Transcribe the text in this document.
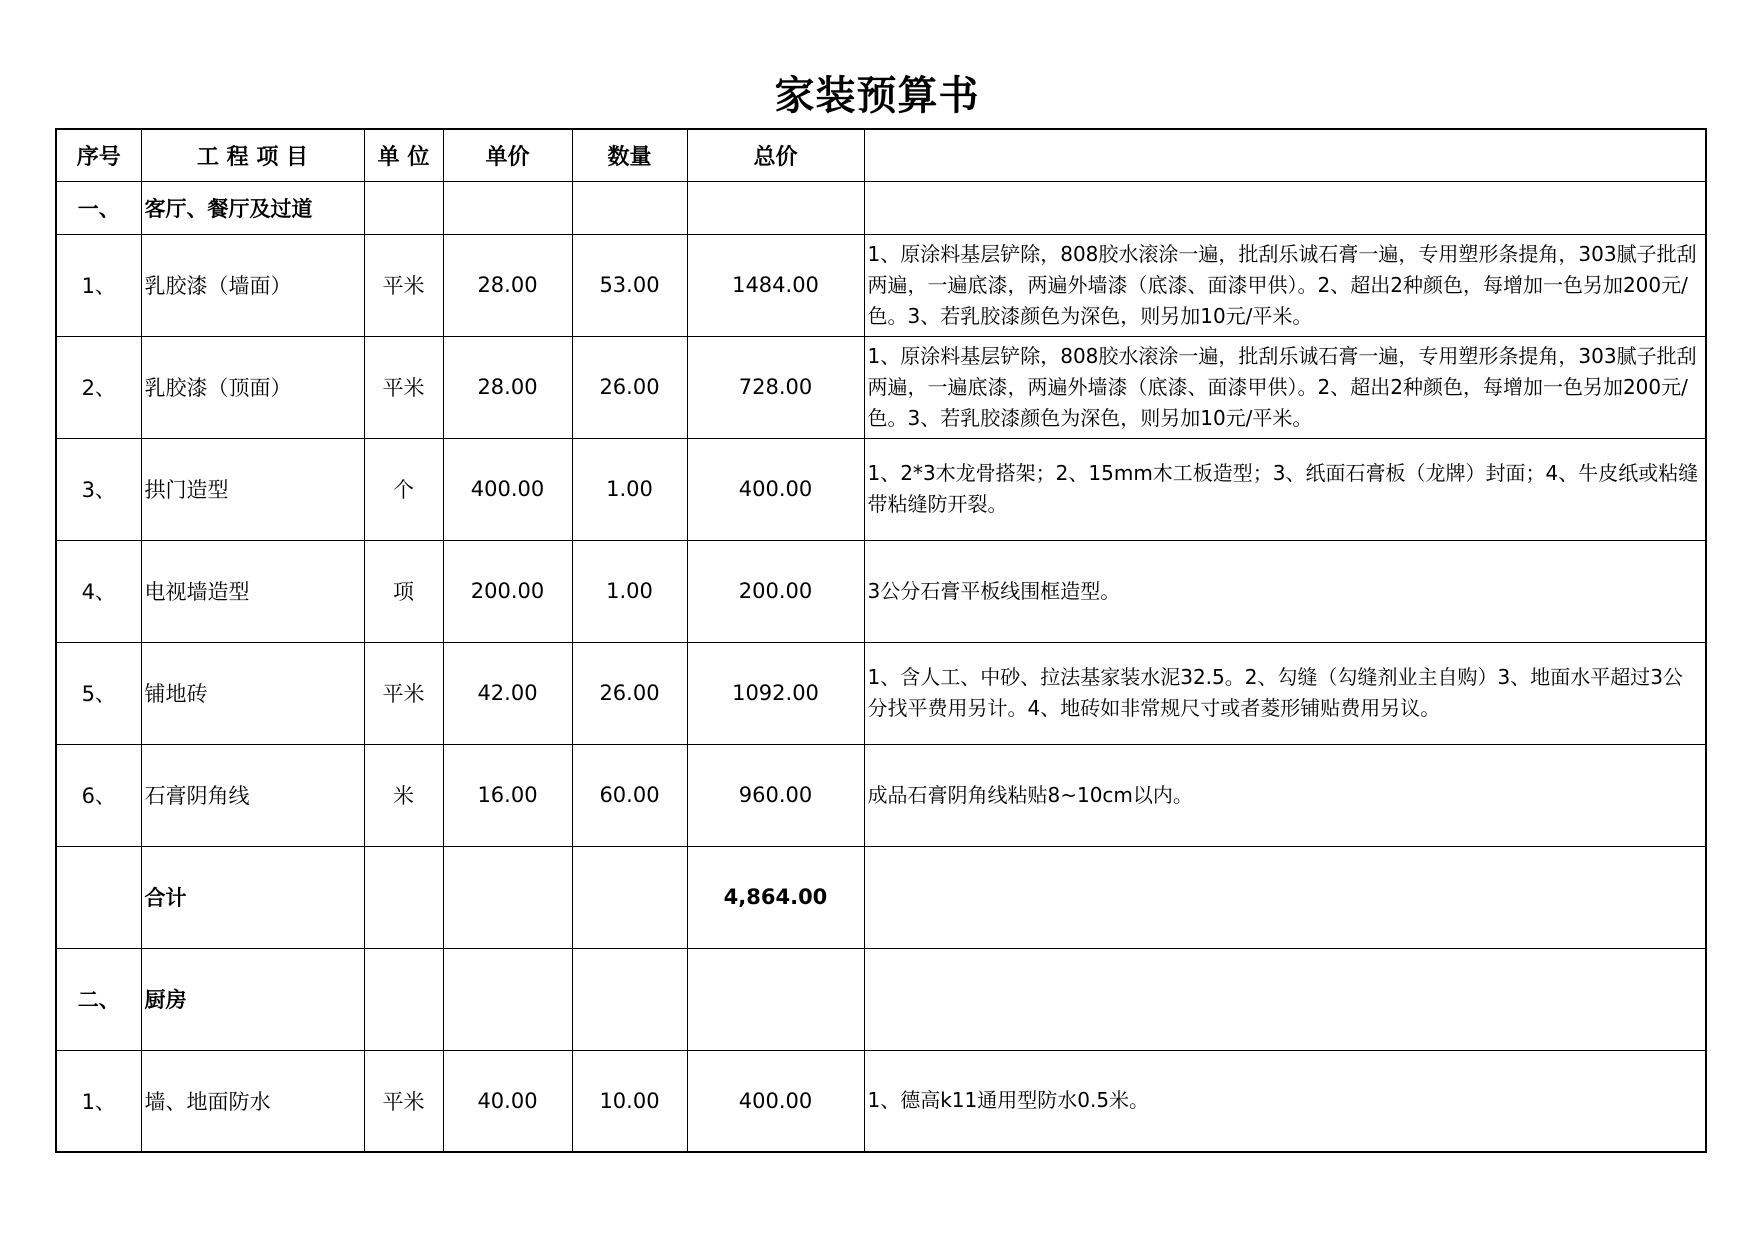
家装预算书
序号	工 程 项 目	单 位	单价	数量	总价	
一、	客厅、餐厅及过道					
1、	乳胶漆（墙面）	平米	28.00	53.00	1484.00	1、原涂料基层铲除，808胶水滚涂一遍，批刮乐诚石膏一遍，专用塑形条提角，303腻子批刮两遍，一遍底漆，两遍外墙漆（底漆、面漆甲供）。2、超出2种颜色，每增加一色另加200元/色。3、若乳胶漆颜色为深色，则另加10元/平米。
2、	乳胶漆（顶面）	平米	28.00	26.00	728.00	1、原涂料基层铲除，808胶水滚涂一遍，批刮乐诚石膏一遍，专用塑形条提角，303腻子批刮两遍，一遍底漆，两遍外墙漆（底漆、面漆甲供）。2、超出2种颜色，每增加一色另加200元/色。3、若乳胶漆颜色为深色，则另加10元/平米。
3、	拱门造型	个	400.00	1.00	400.00	1、2*3木龙骨搭架；2、15mm木工板造型；3、纸面石膏板（龙牌）封面；4、牛皮纸或粘缝带粘缝防开裂。
4、	电视墙造型	项	200.00	1.00	200.00	3公分石膏平板线围框造型。
5、	铺地砖	平米	42.00	26.00	1092.00	1、含人工、中砂、拉法基家装水泥32.5。2、勾缝（勾缝剂业主自购）3、地面水平超过3公分找平费用另计。4、地砖如非常规尺寸或者菱形铺贴费用另议。
6、	石膏阴角线	米	16.00	60.00	960.00	成品石膏阴角线粘贴8~10cm以内。
	合计				4,864.00	
二、	厨房					
1、	墙、地面防水	平米	40.00	10.00	400.00	1、德高k11通用型防水0.5米。
